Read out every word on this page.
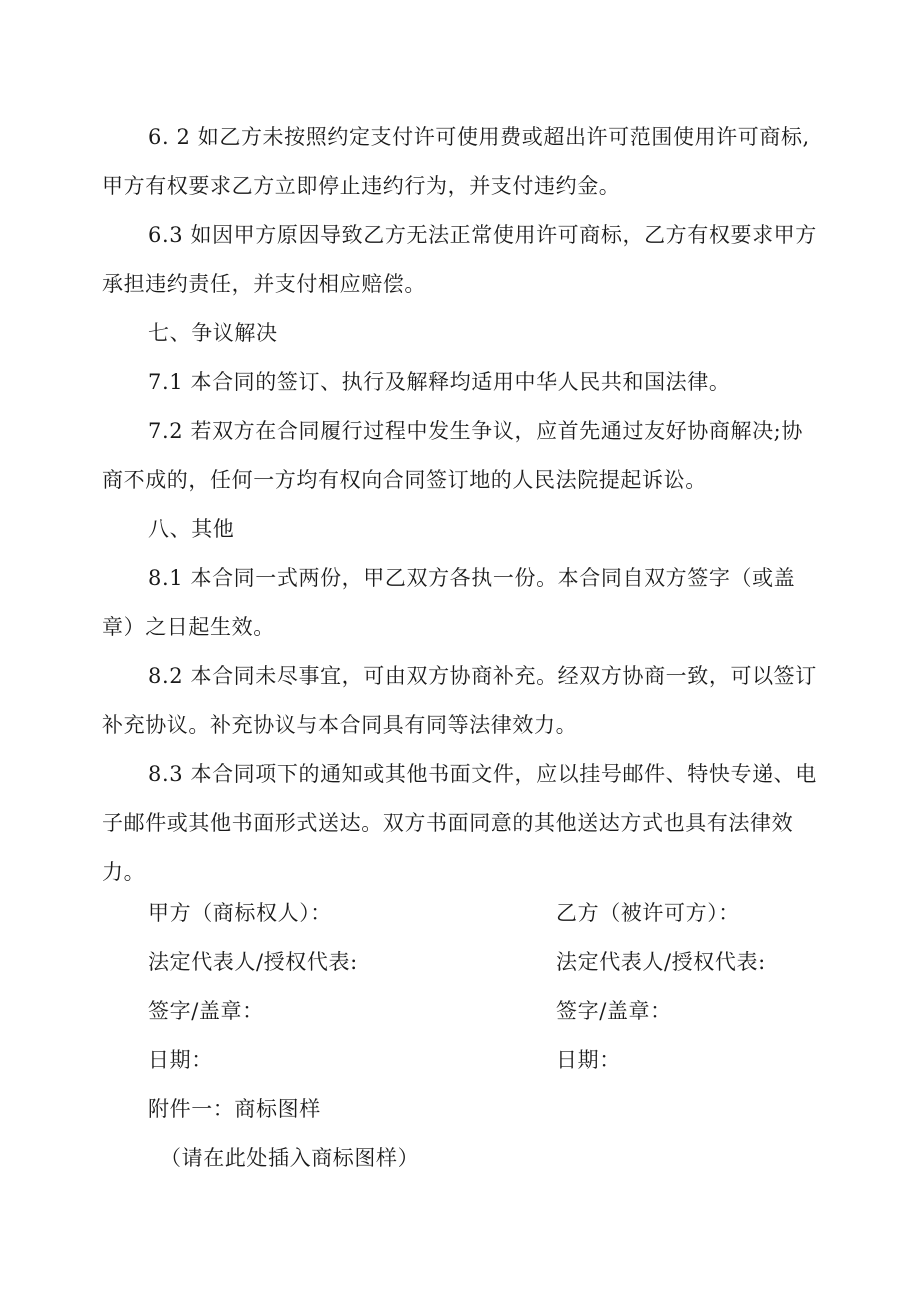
6. 2 如乙方未按照约定支付许可使用费或超出许可范围使用许可商标,甲方有权要求乙方立即停止违约行为，并支付违约金。

6.3 如因甲方原因导致乙方无法正常使用许可商标，乙方有权要求甲方承担违约责任，并支付相应赔偿。

七、争议解决

7.1 本合同的签订、执行及解释均适用中华人民共和国法律。

7.2 若双方在合同履行过程中发生争议，应首先通过友好协商解决;协商不成的，任何一方均有权向合同签订地的人民法院提起诉讼。

八、其他

8.1 本合同一式两份，甲乙双方各执一份。本合同自双方签字（或盖章）之日起生效。

8.2 本合同未尽事宜，可由双方协商补充。经双方协商一致，可以签订补充协议。补充协议与本合同具有同等法律效力。

8.3 本合同项下的通知或其他书面文件，应以挂号邮件、特快专递、电子邮件或其他书面形式送达。双方书面同意的其他送达方式也具有法律效力。

甲方（商标权人）：
法定代表人/授权代表:
签字/盖章：
日期：
乙方（被许可方）：
法定代表人/授权代表:
签字/盖章：
日期：
附件一：商标图样
（请在此处插入商标图样）
